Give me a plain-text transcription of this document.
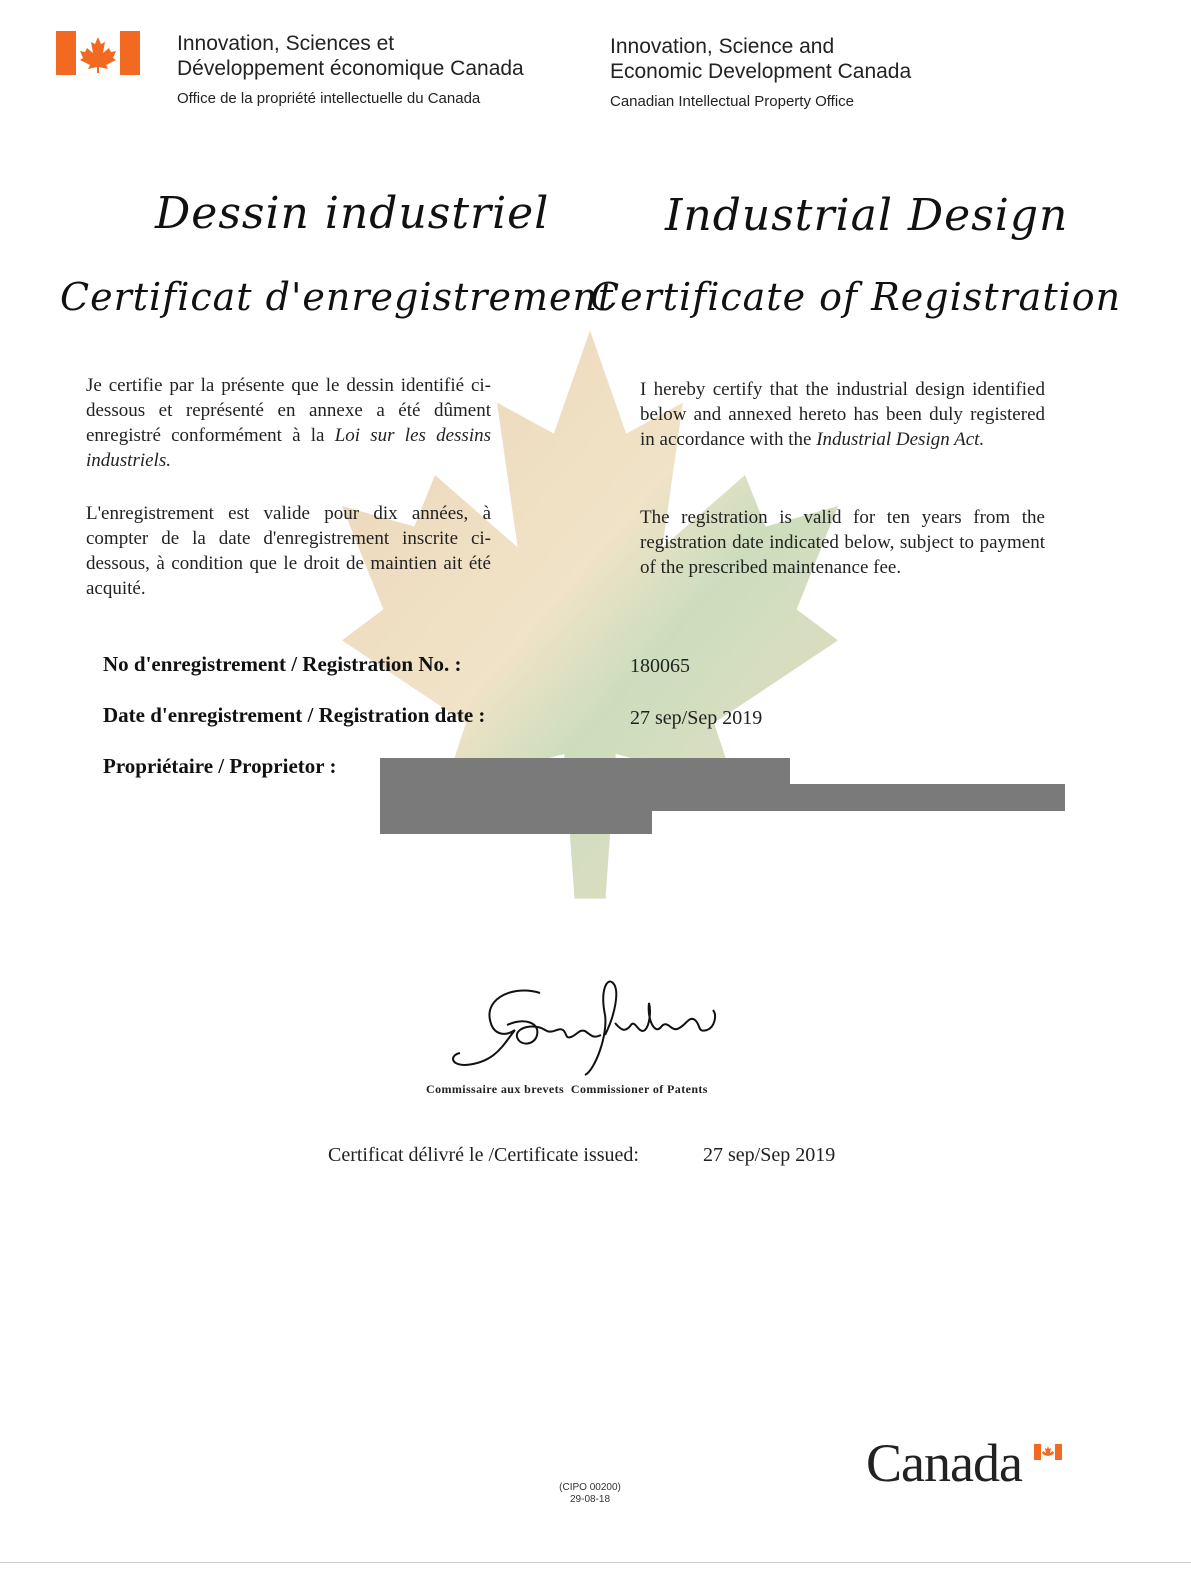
Innovation, Sciences et
Développement économique Canada
Office de la propriété intellectuelle du Canada
Innovation, Science and
Economic Development Canada
Canadian Intellectual Property Office
Dessin industriel	Industrial Design
Certificat d'enregistrement
Certificate of Registration
Je certifie par la présente que le dessin identifié ci-dessous et représenté en annexe a été dûment enregistré conformément à la Loi sur les dessins industriels.
L'enregistrement est valide pour dix années, à compter de la date d'enregistrement inscrite ci-dessous, à condition que le droit de maintien ait été acquité.
I hereby certify that the industrial design identified below and annexed hereto has been duly registered in accordance with the Industrial Design Act.
The registration is valid for ten years from the registration date indicated below, subject to payment of the prescribed maintenance fee.
No d'enregistrement / Registration No. :	180065
Date d'enregistrement / Registration date :	27 sep/Sep 2019
Propriétaire / Proprietor :
Commissaire aux brevets Commissioner of Patents
Certificat délivré le /Certificate issued:	27 sep/Sep 2019
(CIPO 00200)
29-08-18
Canada
